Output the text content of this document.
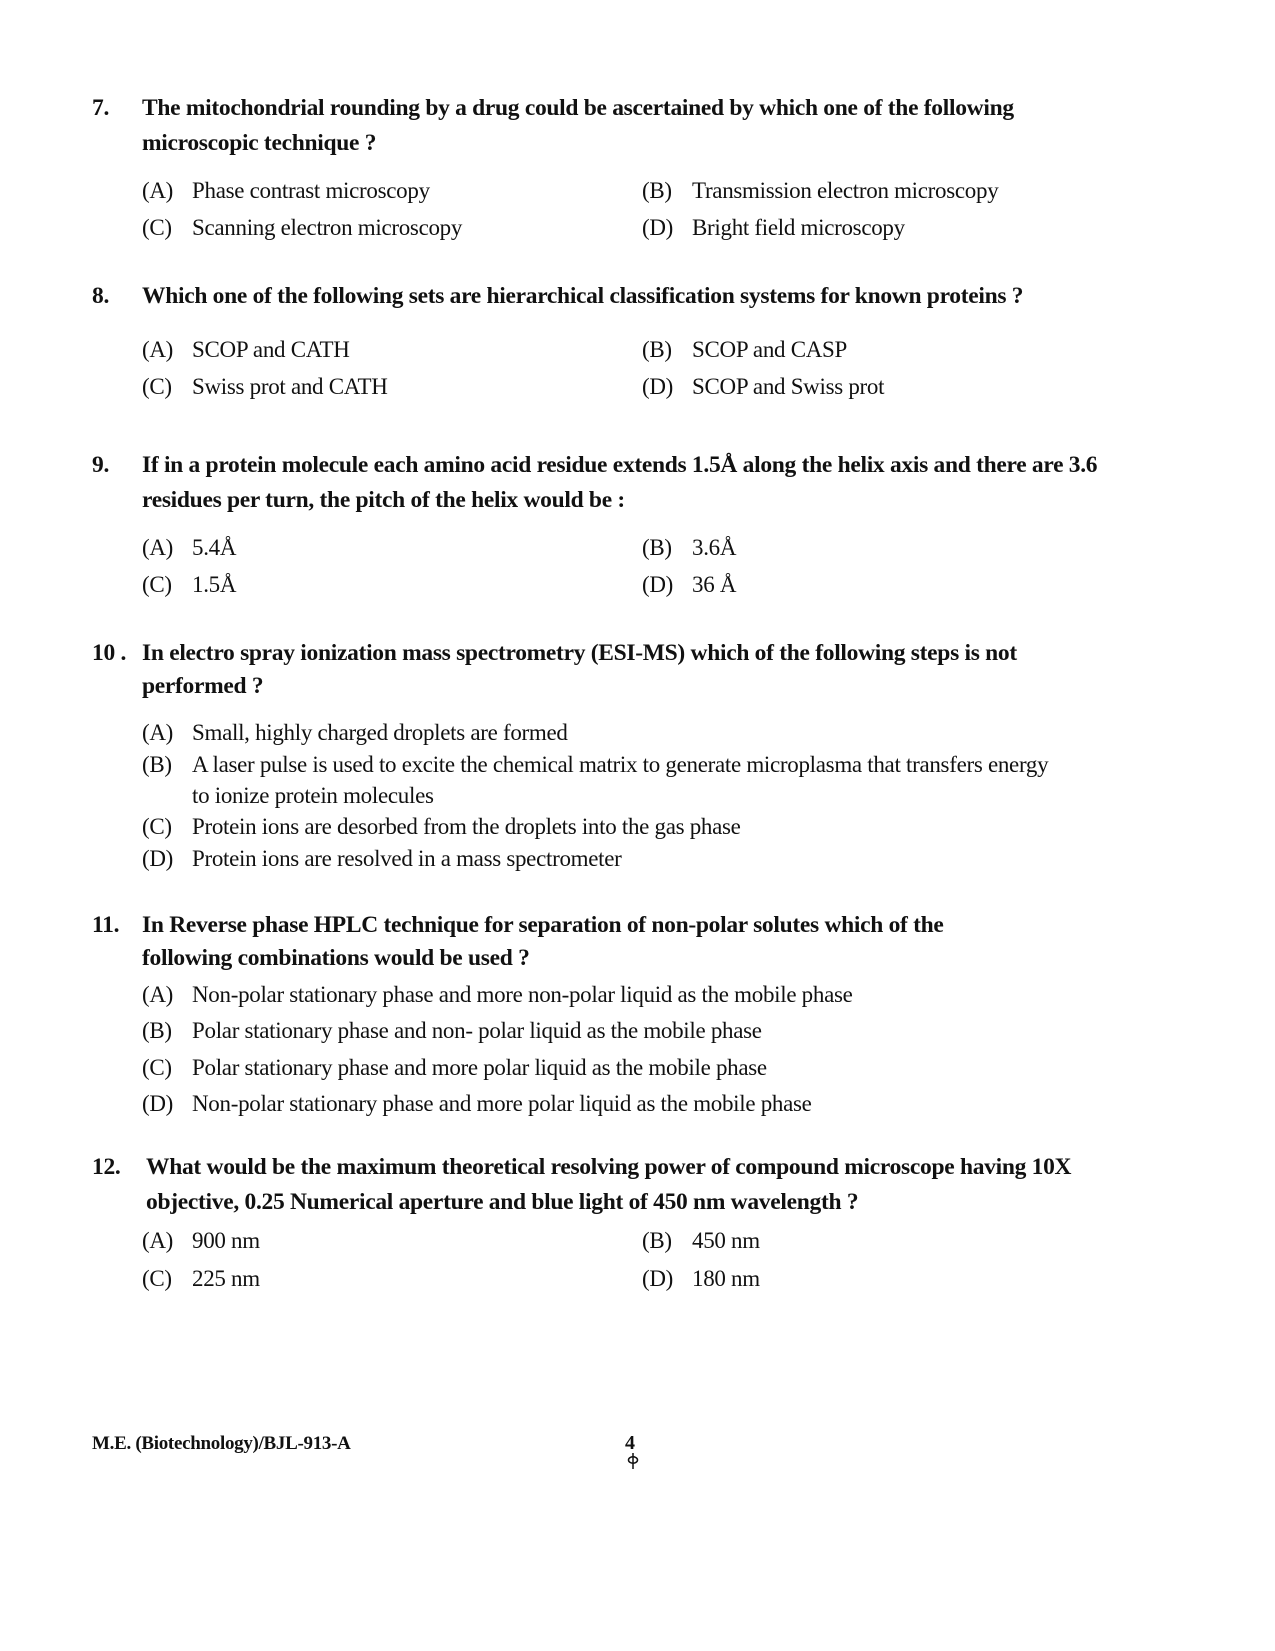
7. The mitochondrial rounding by a drug could be ascertained by which one of the following microscopic technique ?
(A) Phase contrast microscopy	(B) Transmission electron microscopy
(C) Scanning electron microscopy	(D) Bright field microscopy
8. Which one of the following sets are hierarchical classification systems for known proteins ?
(A) SCOP and CATH	(B) SCOP and CASP
(C) Swiss prot and CATH	(D) SCOP and Swiss prot
9. If in a protein molecule each amino acid residue extends 1.5Å along the helix axis and there are 3.6 residues per turn, the pitch of the helix would be :
(A) 5.4Å	(B) 3.6Å
(C) 1.5Å	(D) 36 Å
10 . In electro spray ionization mass spectrometry (ESI-MS) which of the following steps is not performed ?
(A) Small, highly charged droplets are formed
(B) A laser pulse is used to excite the chemical matrix to generate microplasma that transfers energy to ionize protein molecules
(C) Protein ions are desorbed from the droplets into the gas phase
(D) Protein ions are resolved in a mass spectrometer
11. In Reverse phase HPLC technique for separation of non-polar solutes which of the following combinations would be used ?
(A) Non-polar stationary phase and more non-polar liquid as the mobile phase
(B) Polar stationary phase and non- polar liquid as the mobile phase
(C) Polar stationary phase and more polar liquid as the mobile phase
(D) Non-polar stationary phase and more polar liquid as the mobile phase
12. What would be the maximum theoretical resolving power of compound microscope having 10X objective, 0.25 Numerical aperture and blue light of 450 nm wavelength ?
(A) 900 nm	(B) 450 nm
(C) 225 nm	(D) 180 nm
M.E. (Biotechnology)/BJL-913-A	4
